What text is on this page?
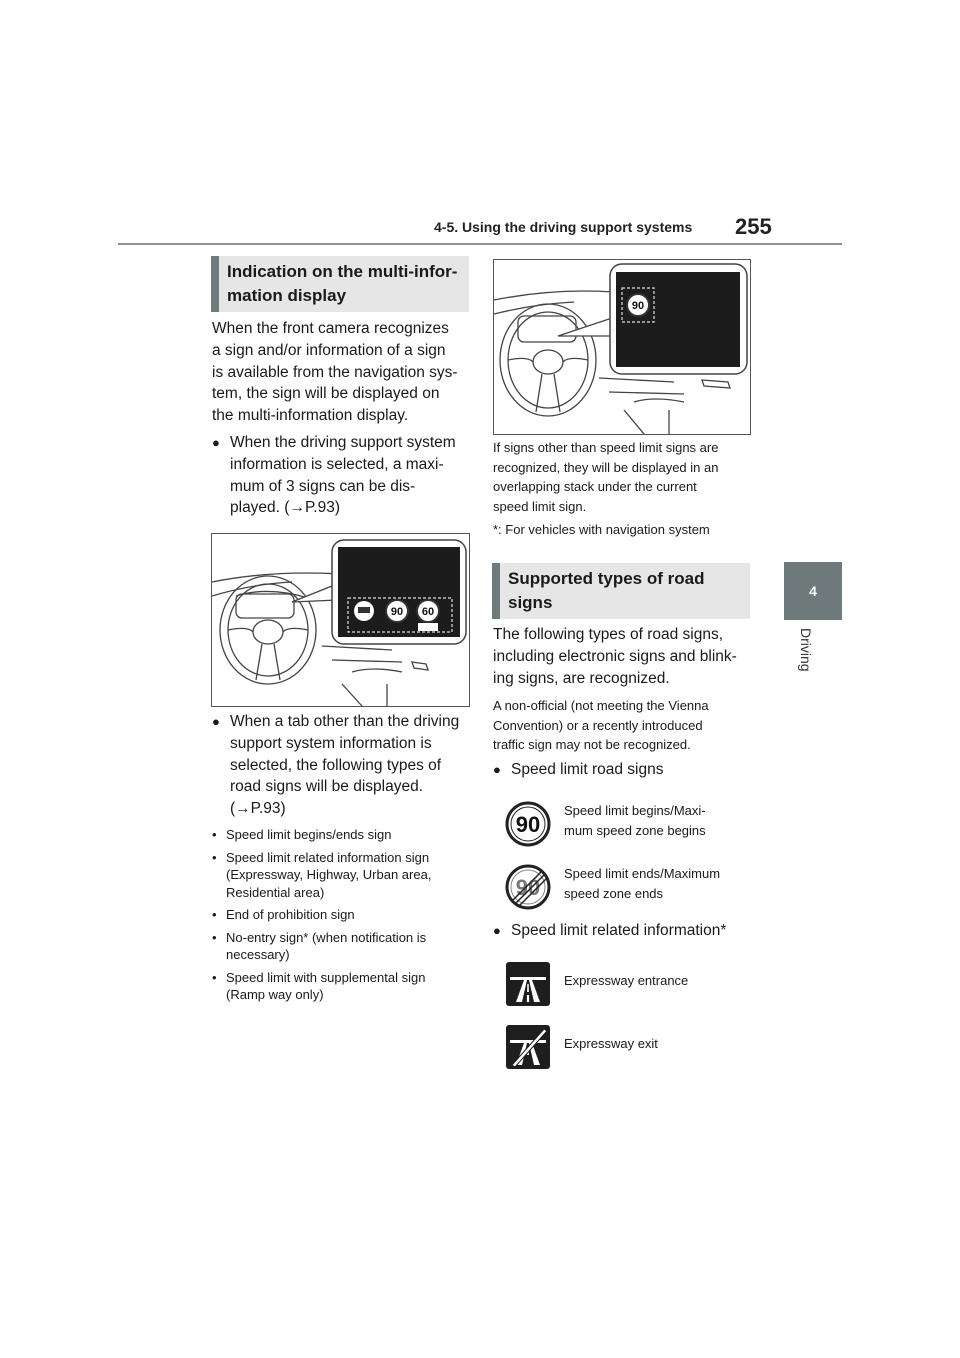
4-5. Using the driving support systems 255
4
Driving
Indication on the multi-infor-
mation display
When the front camera recognizes
a sign and/or information of a sign
is available from the navigation sys-
tem, the sign will be displayed on
the multi-information display.
● When the driving support system
information is selected, a maxi-
mum of 3 signs can be dis-
played. (→P.93)
90 60
● When a tab other than the driving
support system information is
selected, the following types of
road signs will be displayed.
(→P.93)
• Speed limit begins/ends sign
• Speed limit related information sign
(Expressway, Highway, Urban area,
Residential area)
• End of prohibition sign
• No-entry sign* (when notification is
necessary)
• Speed limit with supplemental sign
(Ramp way only)
90
If signs other than speed limit signs are
recognized, they will be displayed in an
overlapping stack under the current
speed limit sign.
*: For vehicles with navigation system
Supported types of road
signs
The following types of road signs,
including electronic signs and blink-
ing signs, are recognized.
A non-official (not meeting the Vienna
Convention) or a recently introduced
traffic sign may not be recognized.
● Speed limit road signs
90
Speed limit begins/Maxi-
mum speed zone begins
90
Speed limit ends/Maximum
speed zone ends
● Speed limit related information*
Expressway entrance
Expressway exit
